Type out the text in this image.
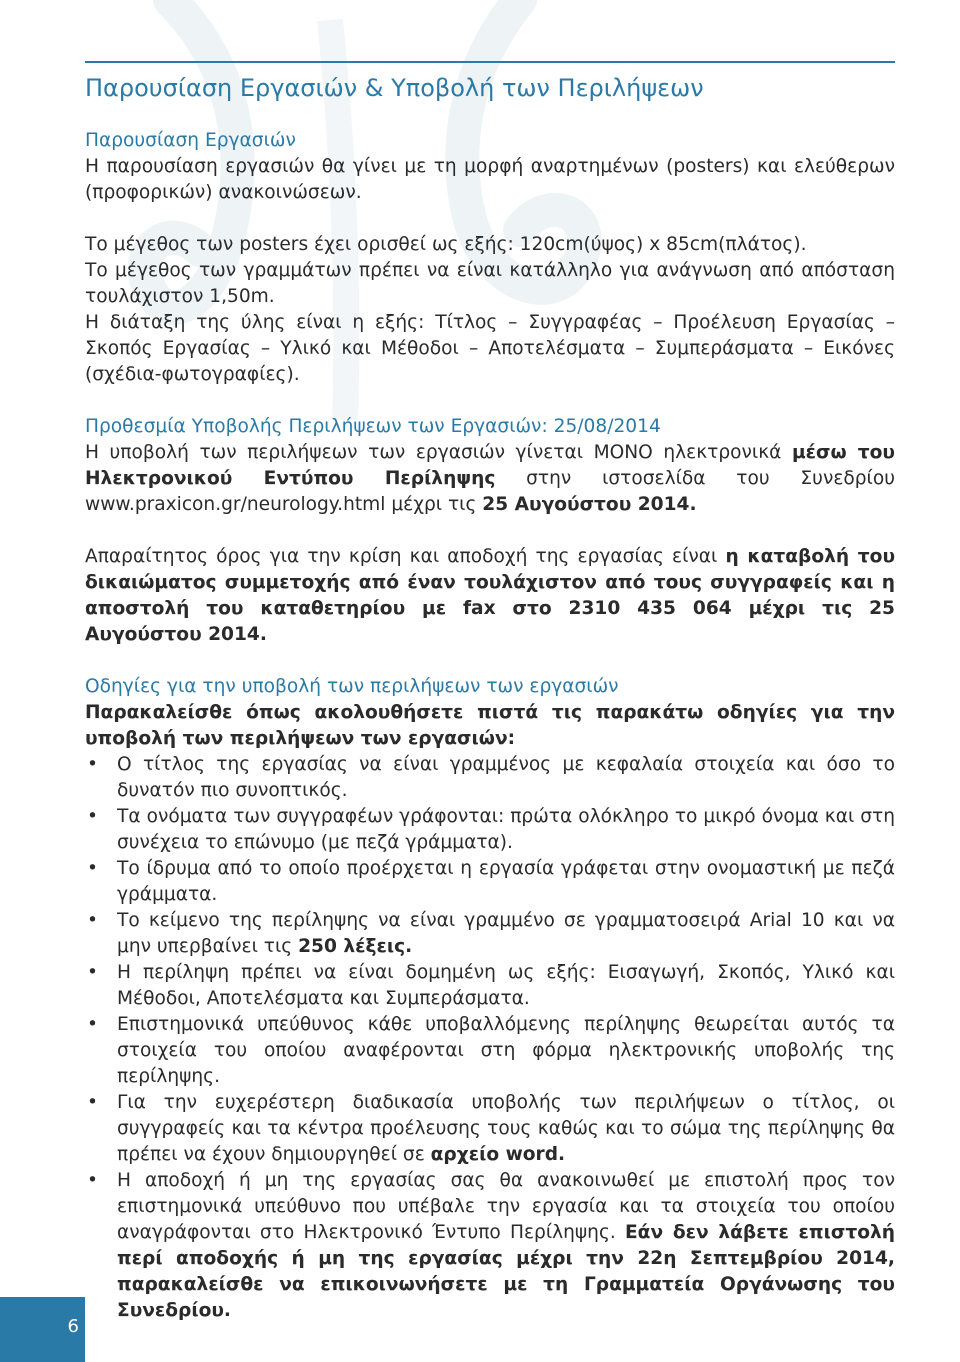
Παρουσίαση Εργασιών & Υποβολή των Περιλήψεων

Παρουσίαση Εργασιών

Η παρουσίαση εργασιών θα γίνει με τη μορφή αναρτημένων (posters) και ελεύθερων (προφορικών) ανακοινώσεων.

Το μέγεθος των posters έχει ορισθεί ως εξής: 120cm(ύψος) x 85cm(πλάτος).

Το μέγεθος των γραμμάτων πρέπει να είναι κατάλληλο για ανάγνωση από απόσταση τουλάχιστον 1,50m.

Η διάταξη της ύλης είναι η εξής: Τίτλος – Συγγραφέας – Προέλευση Εργασίας – Σκοπός Εργασίας – Υλικό και Μέθοδοι – Αποτελέσματα – Συμπεράσματα – Εικόνες (σχέδια-φωτογραφίες).

Προθεσμία Υποβολής Περιλήψεων των Εργασιών: 25/08/2014

Η υποβολή των περιλήψεων των εργασιών γίνεται ΜΟΝΟ ηλεκτρονικά μέσω του Ηλεκτρονικού Εντύπου Περίληψης στην ιστοσελίδα του Συνεδρίου www.praxicon.gr/neurology.html μέχρι τις 25 Αυγούστου 2014.

Απαραίτητος όρος για την κρίση και αποδοχή της εργασίας είναι η καταβολή του δικαιώματος συμμετοχής από έναν τουλάχιστον από τους συγγραφείς και η αποστολή του καταθετηρίου με fax στο 2310 435 064 μέχρι τις 25 Αυγούστου 2014.

Οδηγίες για την υποβολή των περιλήψεων των εργασιών

Παρακαλείσθε όπως ακολουθήσετε πιστά τις παρακάτω οδηγίες για την υποβολή των περιλήψεων των εργασιών:

• Ο τίτλος της εργασίας να είναι γραμμένος με κεφαλαία στοιχεία και όσο το δυνατόν πιο συνοπτικός.
• Τα ονόματα των συγγραφέων γράφονται: πρώτα ολόκληρο το μικρό όνομα και στη συνέχεια το επώνυμο (με πεζά γράμματα).
• Το ίδρυμα από το οποίο προέρχεται η εργασία γράφεται στην ονομαστική με πεζά γράμματα.
• Το κείμενο της περίληψης να είναι γραμμένο σε γραμματοσειρά Arial 10 και να μην υπερβαίνει τις 250 λέξεις.
• Η περίληψη πρέπει να είναι δομημένη ως εξής: Εισαγωγή, Σκοπός, Υλικό και Μέθοδοι, Αποτελέσματα και Συμπεράσματα.
• Επιστημονικά υπεύθυνος κάθε υποβαλλόμενης περίληψης θεωρείται αυτός τα στοιχεία του οποίου αναφέρονται στη φόρμα ηλεκτρονικής υποβολής της περίληψης.
• Για την ευχερέστερη διαδικασία υποβολής των περιλήψεων ο τίτλος, οι συγγραφείς και τα κέντρα προέλευσης τους καθώς και το σώμα της περίληψης θα πρέπει να έχουν δημιουργηθεί σε αρχείο word.
• Η αποδοχή ή μη της εργασίας σας θα ανακοινωθεί με επιστολή προς τον επιστημονικά υπεύθυνο που υπέβαλε την εργασία και τα στοιχεία του οποίου αναγράφονται στο Ηλεκτρονικό Έντυπο Περίληψης. Εάν δεν λάβετε επιστολή περί αποδοχής ή μη της εργασίας μέχρι την 22η Σεπτεμβρίου 2014, παρακαλείσθε να επικοινωνήσετε με τη Γραμματεία Οργάνωσης του Συνεδρίου.
6
